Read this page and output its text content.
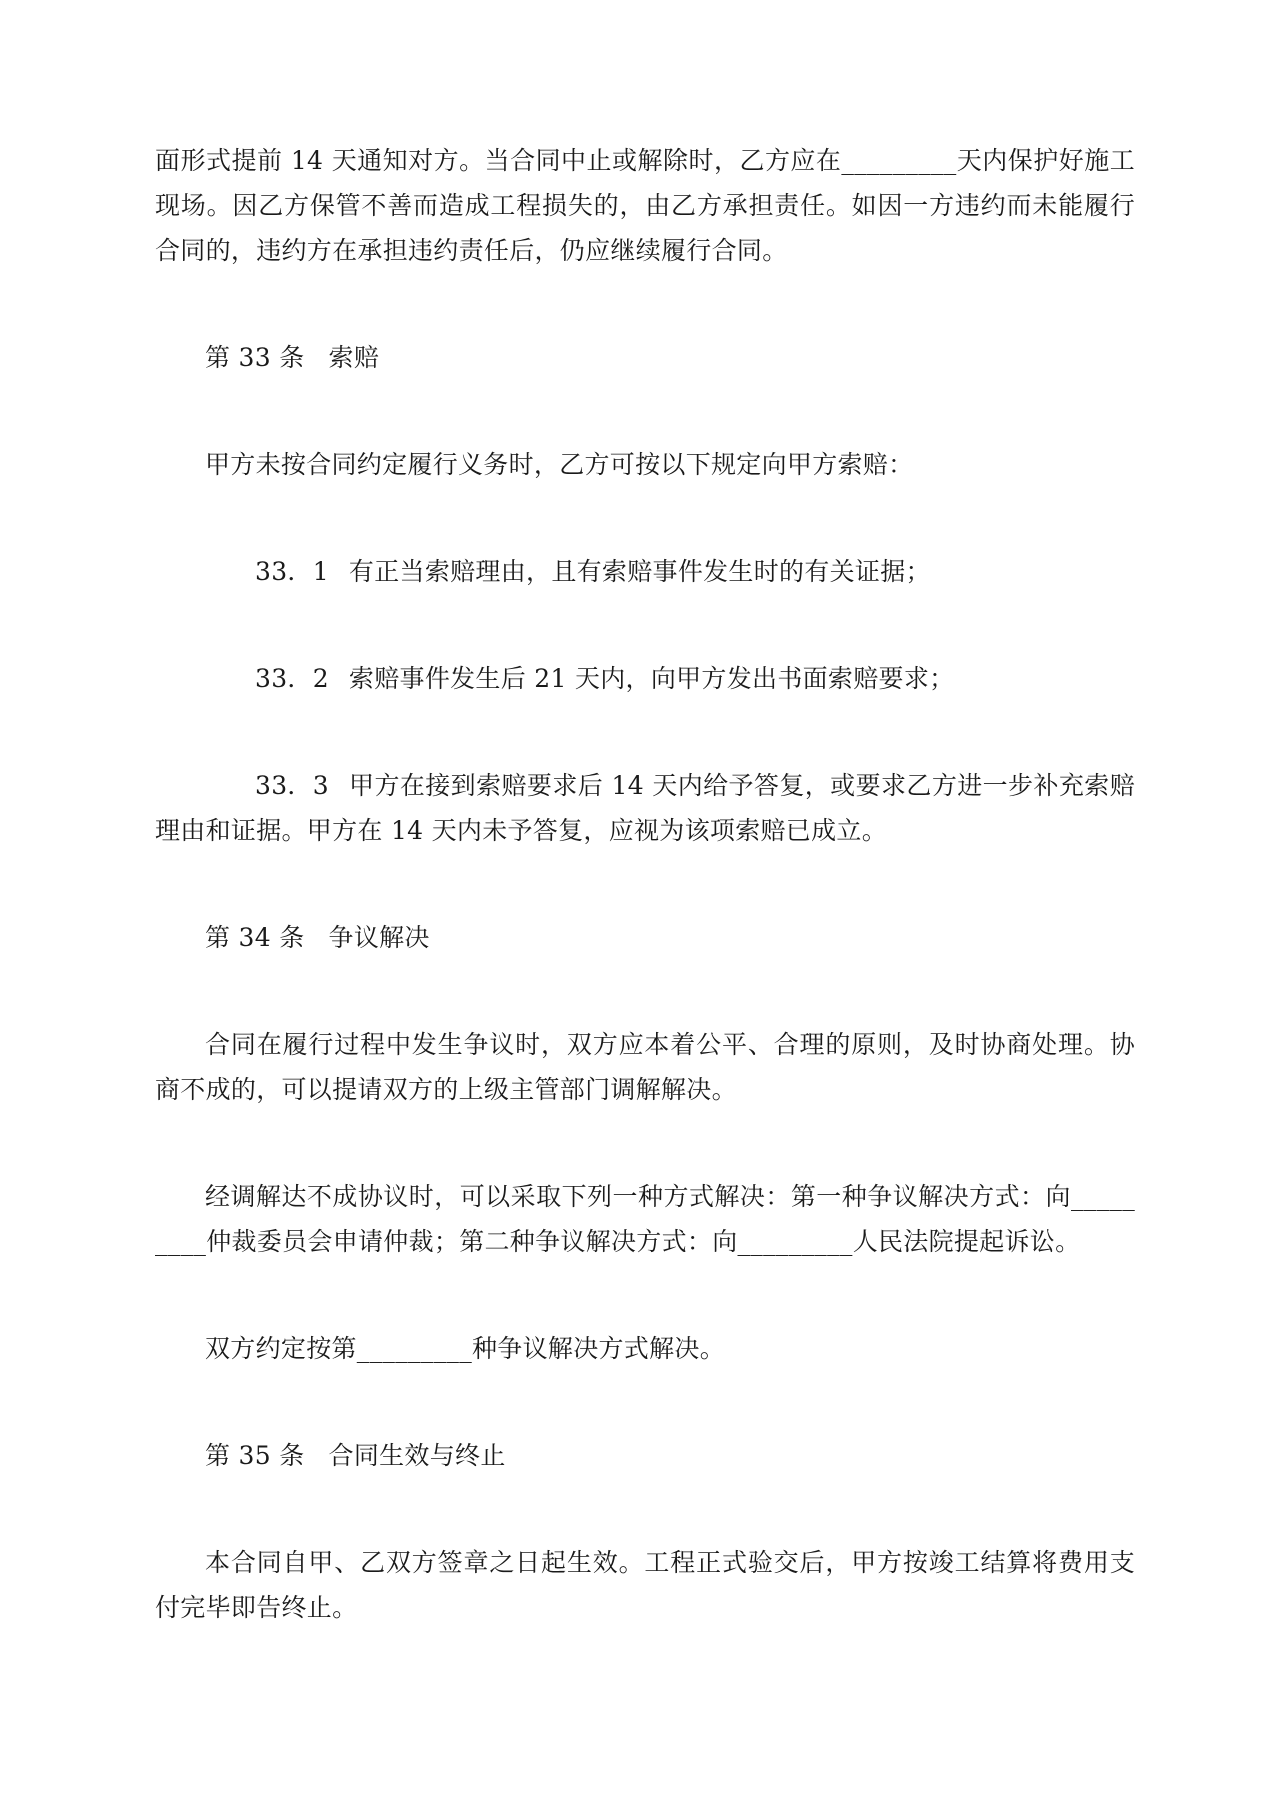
面形式提前 14 天通知对方。当合同中止或解除时，乙方应在_________天内保护好施工现场。因乙方保管不善而造成工程损失的，由乙方承担责任。如因一方违约而未能履行合同的，违约方在承担违约责任后，仍应继续履行合同。

第 33 条 索赔

甲方未按合同约定履行义务时，乙方可按以下规定向甲方索赔：

33．1 有正当索赔理由，且有索赔事件发生时的有关证据；

33．2 索赔事件发生后 21 天内，向甲方发出书面索赔要求；

33．3 甲方在接到索赔要求后 14 天内给予答复，或要求乙方进一步补充索赔理由和证据。甲方在 14 天内未予答复，应视为该项索赔已成立。

第 34 条 争议解决

合同在履行过程中发生争议时，双方应本着公平、合理的原则，及时协商处理。协商不成的，可以提请双方的上级主管部门调解解决。

经调解达不成协议时，可以采取下列一种方式解决：第一种争议解决方式：向_________仲裁委员会申请仲裁；第二种争议解决方式：向_________人民法院提起诉讼。

双方约定按第_________种争议解决方式解决。

第 35 条 合同生效与终止

本合同自甲、乙双方签章之日起生效。工程正式验交后，甲方按竣工结算将费用支付完毕即告终止。
